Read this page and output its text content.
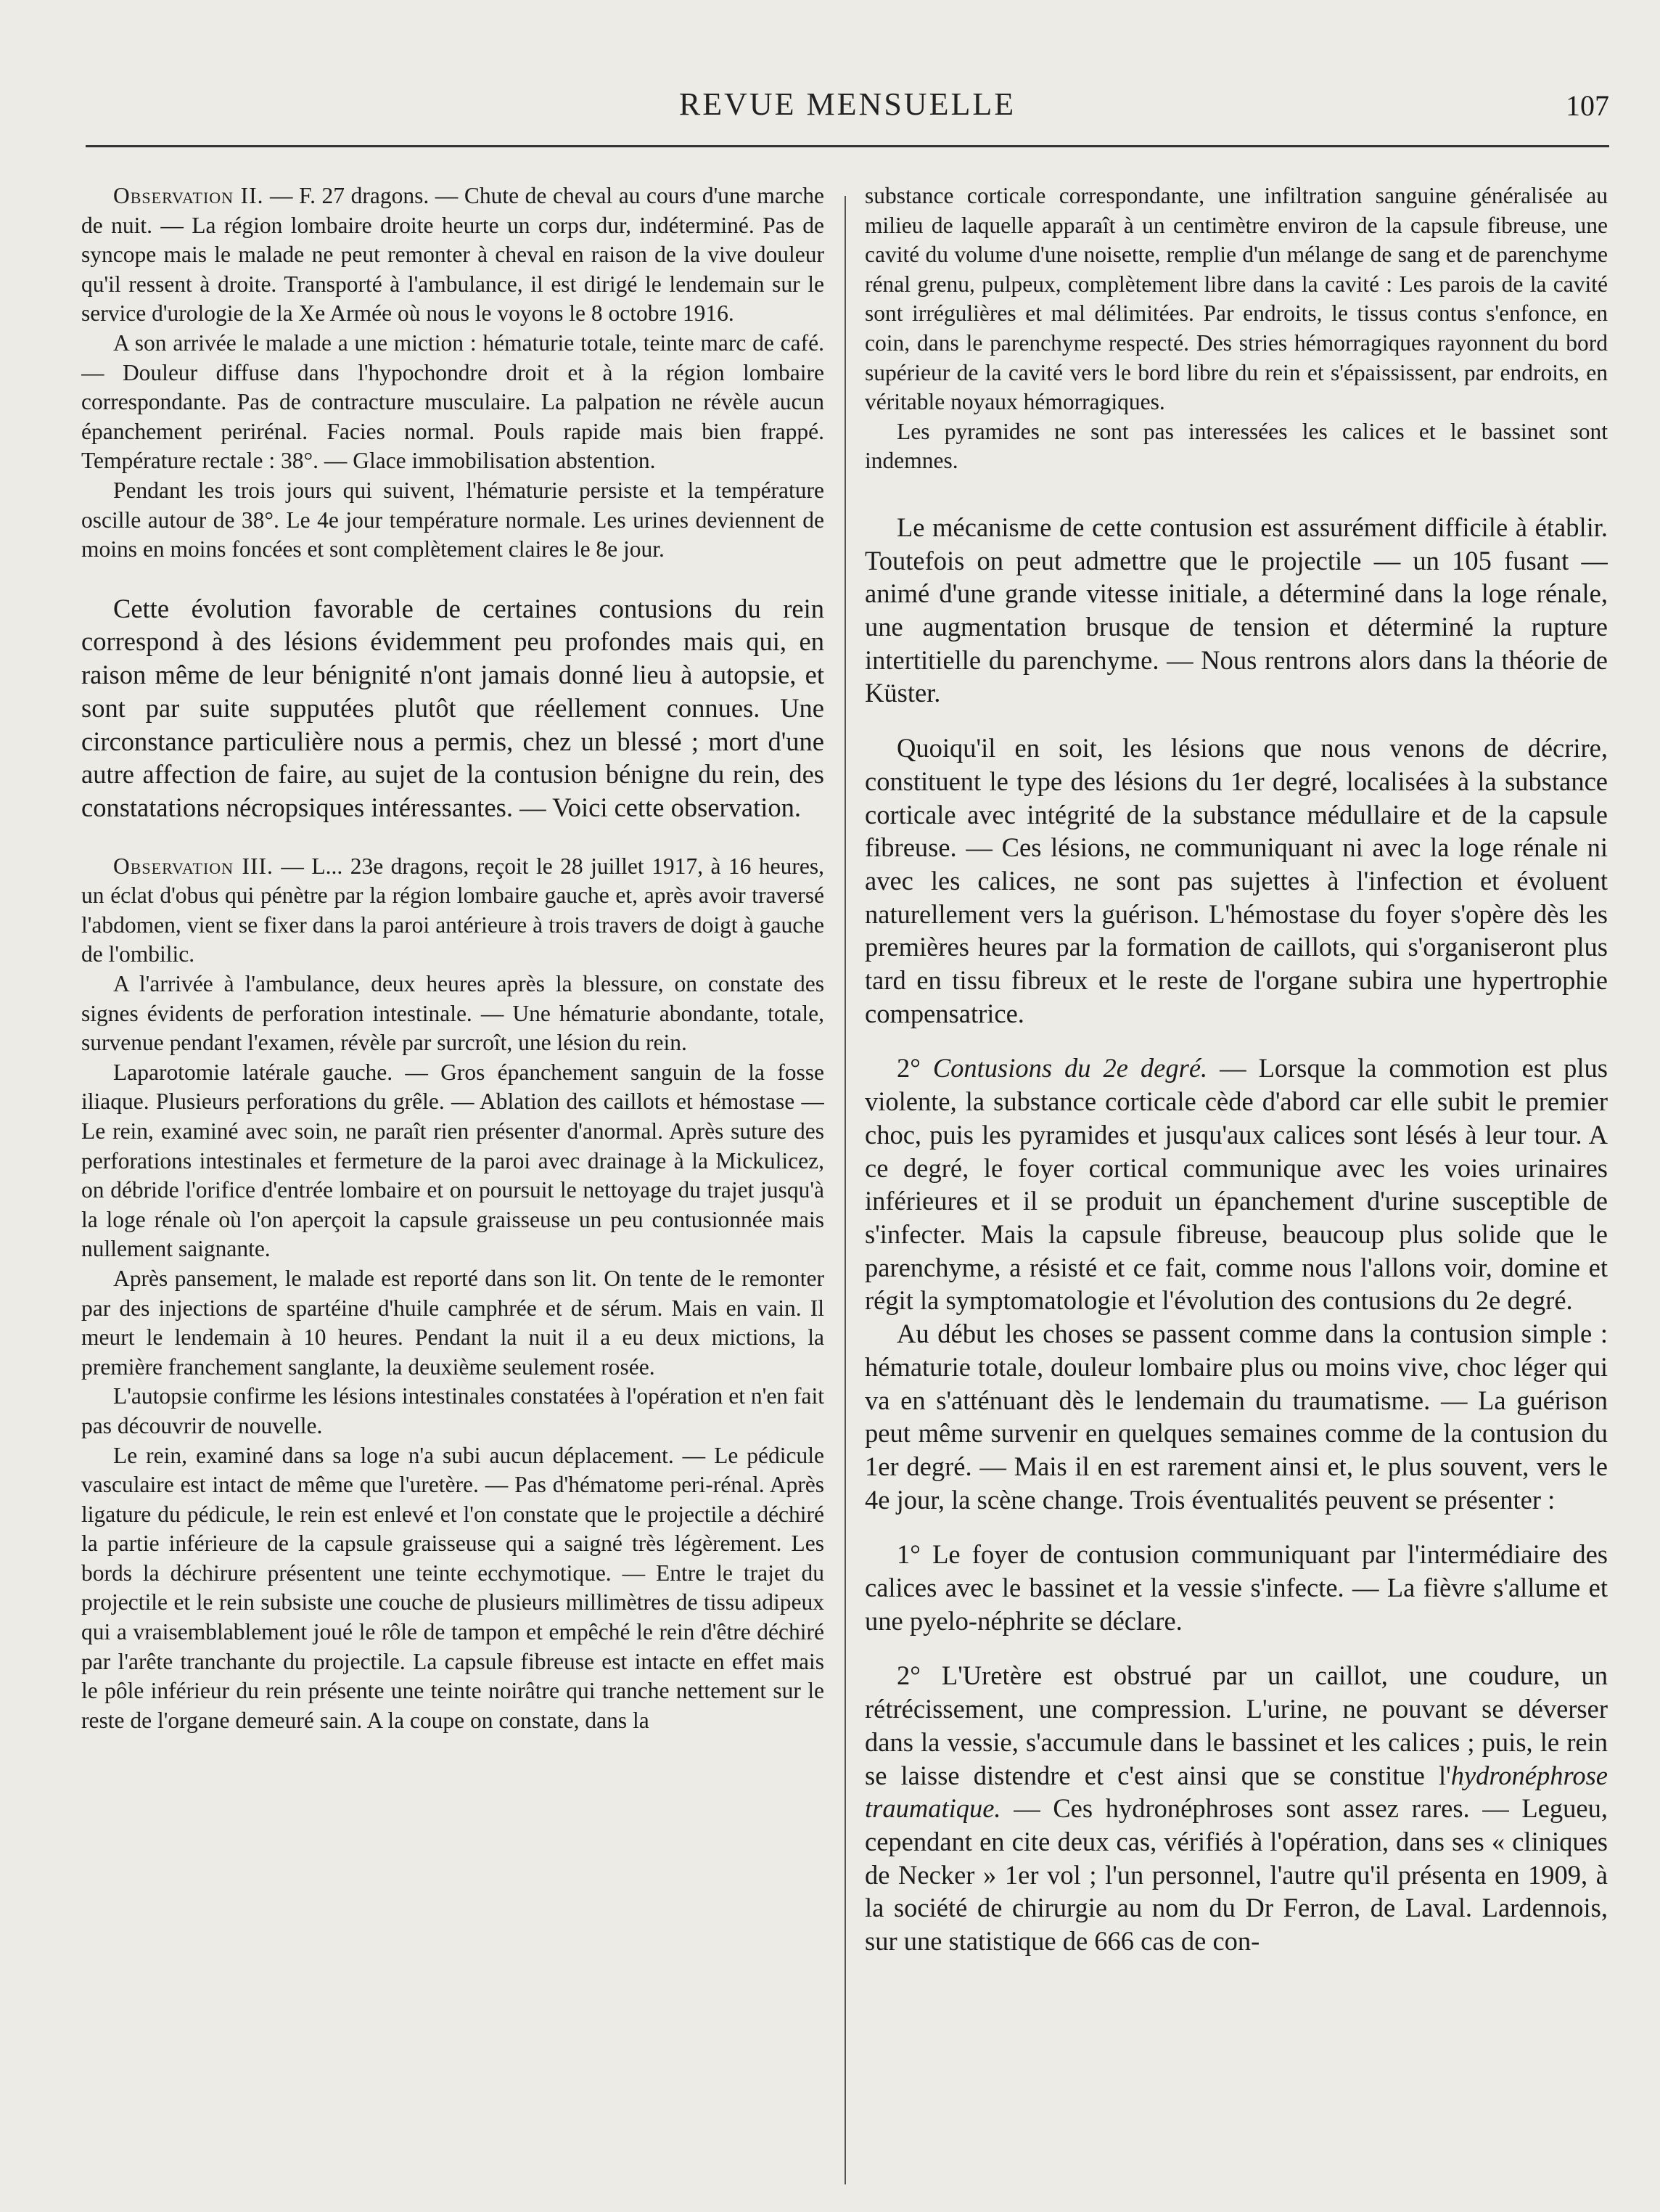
REVUE MENSUELLE	107

Observation II. — F. 27 dragons. — Chute de cheval au cours d'une marche de nuit. — La région lombaire droite heurte un corps dur, indéterminé. Pas de syncope mais le malade ne peut remonter à cheval en raison de la vive douleur qu'il ressent à droite. Transporté à l'ambulance, il est dirigé le lendemain sur le service d'urologie de la Xe Armée où nous le voyons le 8 octobre 1916.

A son arrivée le malade a une miction : hématurie totale, teinte marc de café. — Douleur diffuse dans l'hypochondre droit et à la région lombaire correspondante. Pas de contracture musculaire. La palpation ne révèle aucun épanchement perirénal. Facies normal. Pouls rapide mais bien frappé. Température rectale : 38°. — Glace immobilisation abstention.

Pendant les trois jours qui suivent, l'hématurie persiste et la température oscille autour de 38°. Le 4e jour température normale. Les urines deviennent de moins en moins foncées et sont complètement claires le 8e jour.

Cette évolution favorable de certaines contusions du rein correspond à des lésions évidemment peu profondes mais qui, en raison même de leur bénignité n'ont jamais donné lieu à autopsie, et sont par suite supputées plutôt que réellement connues. Une circonstance particulière nous a permis, chez un blessé ; mort d'une autre affection de faire, au sujet de la contusion bénigne du rein, des constatations nécropsiques intéressantes. — Voici cette observation.

Observation III. — L... 23e dragons, reçoit le 28 juillet 1917, à 16 heures, un éclat d'obus qui pénètre par la région lombaire gauche et, après avoir traversé l'abdomen, vient se fixer dans la paroi antérieure à trois travers de doigt à gauche de l'ombilic.

A l'arrivée à l'ambulance, deux heures après la blessure, on constate des signes évidents de perforation intestinale. — Une hématurie abondante, totale, survenue pendant l'examen, révèle par surcroît, une lésion du rein.

Laparotomie latérale gauche. — Gros épanchement sanguin de la fosse iliaque. Plusieurs perforations du grêle. — Ablation des caillots et hémostase — Le rein, examiné avec soin, ne paraît rien présenter d'anormal. Après suture des perforations intestinales et fermeture de la paroi avec drainage à la Mickulicez, on débride l'orifice d'entrée lombaire et on poursuit le nettoyage du trajet jusqu'à la loge rénale où l'on aperçoit la capsule graisseuse un peu contusionnée mais nullement saignante.

Après pansement, le malade est reporté dans son lit. On tente de le remonter par des injections de spartéine d'huile camphrée et de sérum. Mais en vain. Il meurt le lendemain à 10 heures. Pendant la nuit il a eu deux mictions, la première franchement sanglante, la deuxième seulement rosée.

L'autopsie confirme les lésions intestinales constatées à l'opération et n'en fait pas découvrir de nouvelle.

Le rein, examiné dans sa loge n'a subi aucun déplacement. — Le pédicule vasculaire est intact de même que l'uretère. — Pas d'hématome peri-rénal. Après ligature du pédicule, le rein est enlevé et l'on constate que le projectile a déchiré la partie inférieure de la capsule graisseuse qui a saigné très légèrement. Les bords la déchirure présentent une teinte ecchymotique. — Entre le trajet du projectile et le rein subsiste une couche de plusieurs millimètres de tissu adipeux qui a vraisemblablement joué le rôle de tampon et empêché le rein d'être déchiré par l'arête tranchante du projectile. La capsule fibreuse est intacte en effet mais le pôle inférieur du rein présente une teinte noirâtre qui tranche nettement sur le reste de l'organe demeuré sain. A la coupe on constate, dans la

substance corticale correspondante, une infiltration sanguine généralisée au milieu de laquelle apparaît à un centimètre environ de la capsule fibreuse, une cavité du volume d'une noisette, remplie d'un mélange de sang et de parenchyme rénal grenu, pulpeux, complètement libre dans la cavité : Les parois de la cavité sont irrégulières et mal délimitées. Par endroits, le tissus contus s'enfonce, en coin, dans le parenchyme respecté. Des stries hémorragiques rayonnent du bord supérieur de la cavité vers le bord libre du rein et s'épaississent, par endroits, en véritable noyaux hémorragiques.

Les pyramides ne sont pas interessées les calices et le bassinet sont indemnes.

Le mécanisme de cette contusion est assurément difficile à établir. Toutefois on peut admettre que le projectile — un 105 fusant — animé d'une grande vitesse initiale, a déterminé dans la loge rénale, une augmentation brusque de tension et déterminé la rupture intertitielle du parenchyme. — Nous rentrons alors dans la théorie de Küster.

Quoiqu'il en soit, les lésions que nous venons de décrire, constituent le type des lésions du 1er degré, localisées à la substance corticale avec intégrité de la substance médullaire et de la capsule fibreuse. — Ces lésions, ne communiquant ni avec la loge rénale ni avec les calices, ne sont pas sujettes à l'infection et évoluent naturellement vers la guérison. L'hémostase du foyer s'opère dès les premières heures par la formation de caillots, qui s'organiseront plus tard en tissu fibreux et le reste de l'organe subira une hypertrophie compensatrice.

2° Contusions du 2e degré. — Lorsque la commotion est plus violente, la substance corticale cède d'abord car elle subit le premier choc, puis les pyramides et jusqu'aux calices sont lésés à leur tour. A ce degré, le foyer cortical communique avec les voies urinaires inférieures et il se produit un épanchement d'urine susceptible de s'infecter. Mais la capsule fibreuse, beaucoup plus solide que le parenchyme, a résisté et ce fait, comme nous l'allons voir, domine et régit la symptomatologie et l'évolution des contusions du 2e degré.

Au début les choses se passent comme dans la contusion simple : hématurie totale, douleur lombaire plus ou moins vive, choc léger qui va en s'atténuant dès le lendemain du traumatisme. — La guérison peut même survenir en quelques semaines comme de la contusion du 1er degré. — Mais il en est rarement ainsi et, le plus souvent, vers le 4e jour, la scène change. Trois éventualités peuvent se présenter :

1° Le foyer de contusion communiquant par l'intermédiaire des calices avec le bassinet et la vessie s'infecte. — La fièvre s'allume et une pyelo-néphrite se déclare.

2° L'Uretère est obstrué par un caillot, une coudure, un rétrécissement, une compression. L'urine, ne pouvant se déverser dans la vessie, s'accumule dans le bassinet et les calices ; puis, le rein se laisse distendre et c'est ainsi que se constitue l'hydronéphrose traumatique. — Ces hydronéphroses sont assez rares. — Legueu, cependant en cite deux cas, vérifiés à l'opération, dans ses « cliniques de Necker » 1er vol ; l'un personnel, l'autre qu'il présenta en 1909, à la société de chirurgie au nom du Dr Ferron, de Laval. Lardennois, sur une statistique de 666 cas de con-
